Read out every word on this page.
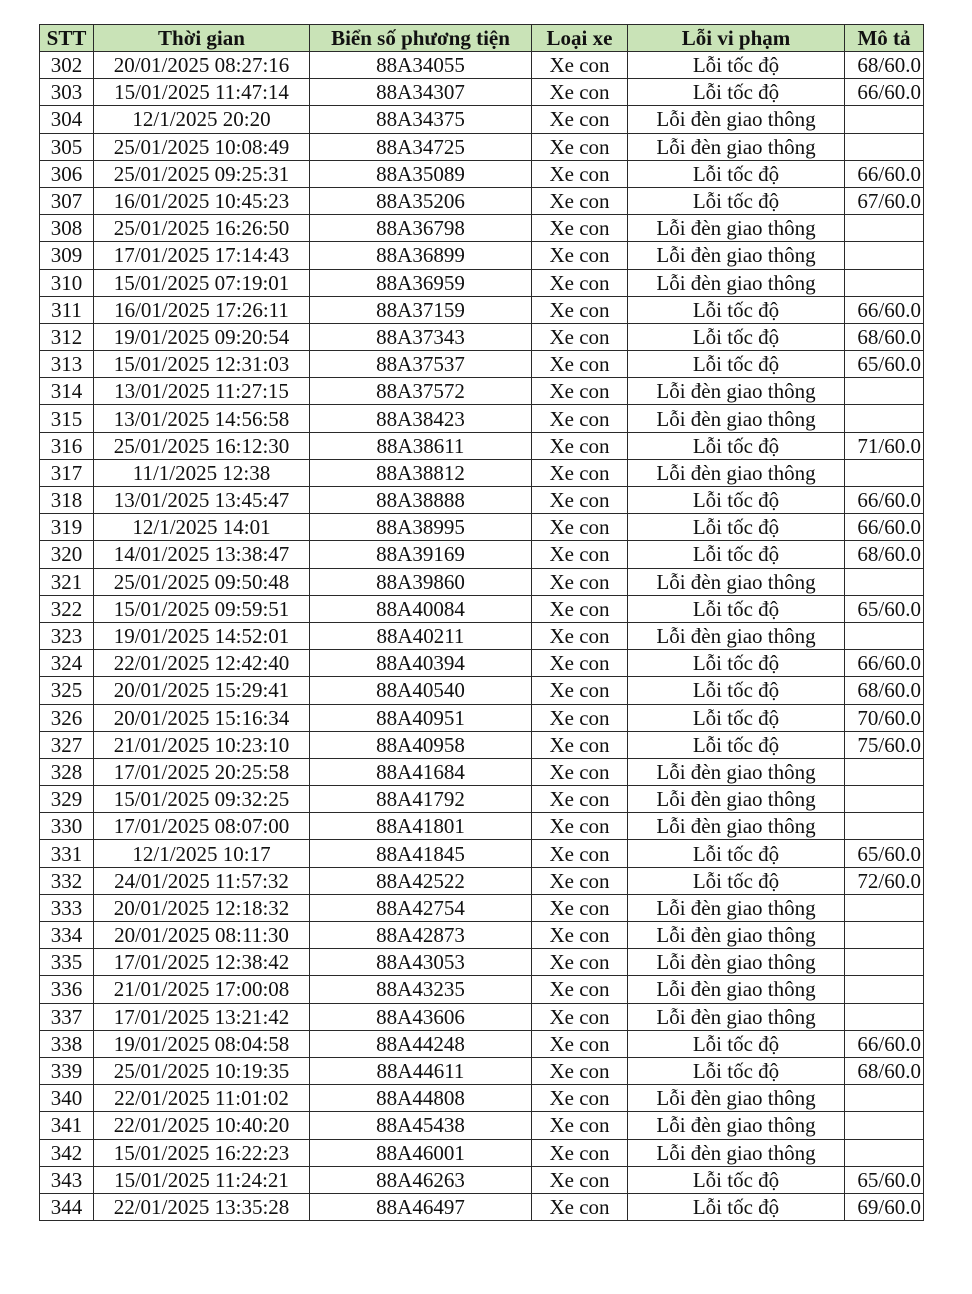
STT	Thời gian	Biển số phương tiện	Loại xe	Lỗi vi phạm	Mô tả
302	20/01/2025 08:27:16	88A34055	Xe con	Lỗi tốc độ	68/60.0
303	15/01/2025 11:47:14	88A34307	Xe con	Lỗi tốc độ	66/60.0
304	12/1/2025 20:20	88A34375	Xe con	Lỗi đèn giao thông	
305	25/01/2025 10:08:49	88A34725	Xe con	Lỗi đèn giao thông	
306	25/01/2025 09:25:31	88A35089	Xe con	Lỗi tốc độ	66/60.0
307	16/01/2025 10:45:23	88A35206	Xe con	Lỗi tốc độ	67/60.0
308	25/01/2025 16:26:50	88A36798	Xe con	Lỗi đèn giao thông	
309	17/01/2025 17:14:43	88A36899	Xe con	Lỗi đèn giao thông	
310	15/01/2025 07:19:01	88A36959	Xe con	Lỗi đèn giao thông	
311	16/01/2025 17:26:11	88A37159	Xe con	Lỗi tốc độ	66/60.0
312	19/01/2025 09:20:54	88A37343	Xe con	Lỗi tốc độ	68/60.0
313	15/01/2025 12:31:03	88A37537	Xe con	Lỗi tốc độ	65/60.0
314	13/01/2025 11:27:15	88A37572	Xe con	Lỗi đèn giao thông	
315	13/01/2025 14:56:58	88A38423	Xe con	Lỗi đèn giao thông	
316	25/01/2025 16:12:30	88A38611	Xe con	Lỗi tốc độ	71/60.0
317	11/1/2025 12:38	88A38812	Xe con	Lỗi đèn giao thông	
318	13/01/2025 13:45:47	88A38888	Xe con	Lỗi tốc độ	66/60.0
319	12/1/2025 14:01	88A38995	Xe con	Lỗi tốc độ	66/60.0
320	14/01/2025 13:38:47	88A39169	Xe con	Lỗi tốc độ	68/60.0
321	25/01/2025 09:50:48	88A39860	Xe con	Lỗi đèn giao thông	
322	15/01/2025 09:59:51	88A40084	Xe con	Lỗi tốc độ	65/60.0
323	19/01/2025 14:52:01	88A40211	Xe con	Lỗi đèn giao thông	
324	22/01/2025 12:42:40	88A40394	Xe con	Lỗi tốc độ	66/60.0
325	20/01/2025 15:29:41	88A40540	Xe con	Lỗi tốc độ	68/60.0
326	20/01/2025 15:16:34	88A40951	Xe con	Lỗi tốc độ	70/60.0
327	21/01/2025 10:23:10	88A40958	Xe con	Lỗi tốc độ	75/60.0
328	17/01/2025 20:25:58	88A41684	Xe con	Lỗi đèn giao thông	
329	15/01/2025 09:32:25	88A41792	Xe con	Lỗi đèn giao thông	
330	17/01/2025 08:07:00	88A41801	Xe con	Lỗi đèn giao thông	
331	12/1/2025 10:17	88A41845	Xe con	Lỗi tốc độ	65/60.0
332	24/01/2025 11:57:32	88A42522	Xe con	Lỗi tốc độ	72/60.0
333	20/01/2025 12:18:32	88A42754	Xe con	Lỗi đèn giao thông	
334	20/01/2025 08:11:30	88A42873	Xe con	Lỗi đèn giao thông	
335	17/01/2025 12:38:42	88A43053	Xe con	Lỗi đèn giao thông	
336	21/01/2025 17:00:08	88A43235	Xe con	Lỗi đèn giao thông	
337	17/01/2025 13:21:42	88A43606	Xe con	Lỗi đèn giao thông	
338	19/01/2025 08:04:58	88A44248	Xe con	Lỗi tốc độ	66/60.0
339	25/01/2025 10:19:35	88A44611	Xe con	Lỗi tốc độ	68/60.0
340	22/01/2025 11:01:02	88A44808	Xe con	Lỗi đèn giao thông	
341	22/01/2025 10:40:20	88A45438	Xe con	Lỗi đèn giao thông	
342	15/01/2025 16:22:23	88A46001	Xe con	Lỗi đèn giao thông	
343	15/01/2025 11:24:21	88A46263	Xe con	Lỗi tốc độ	65/60.0
344	22/01/2025 13:35:28	88A46497	Xe con	Lỗi tốc độ	69/60.0
